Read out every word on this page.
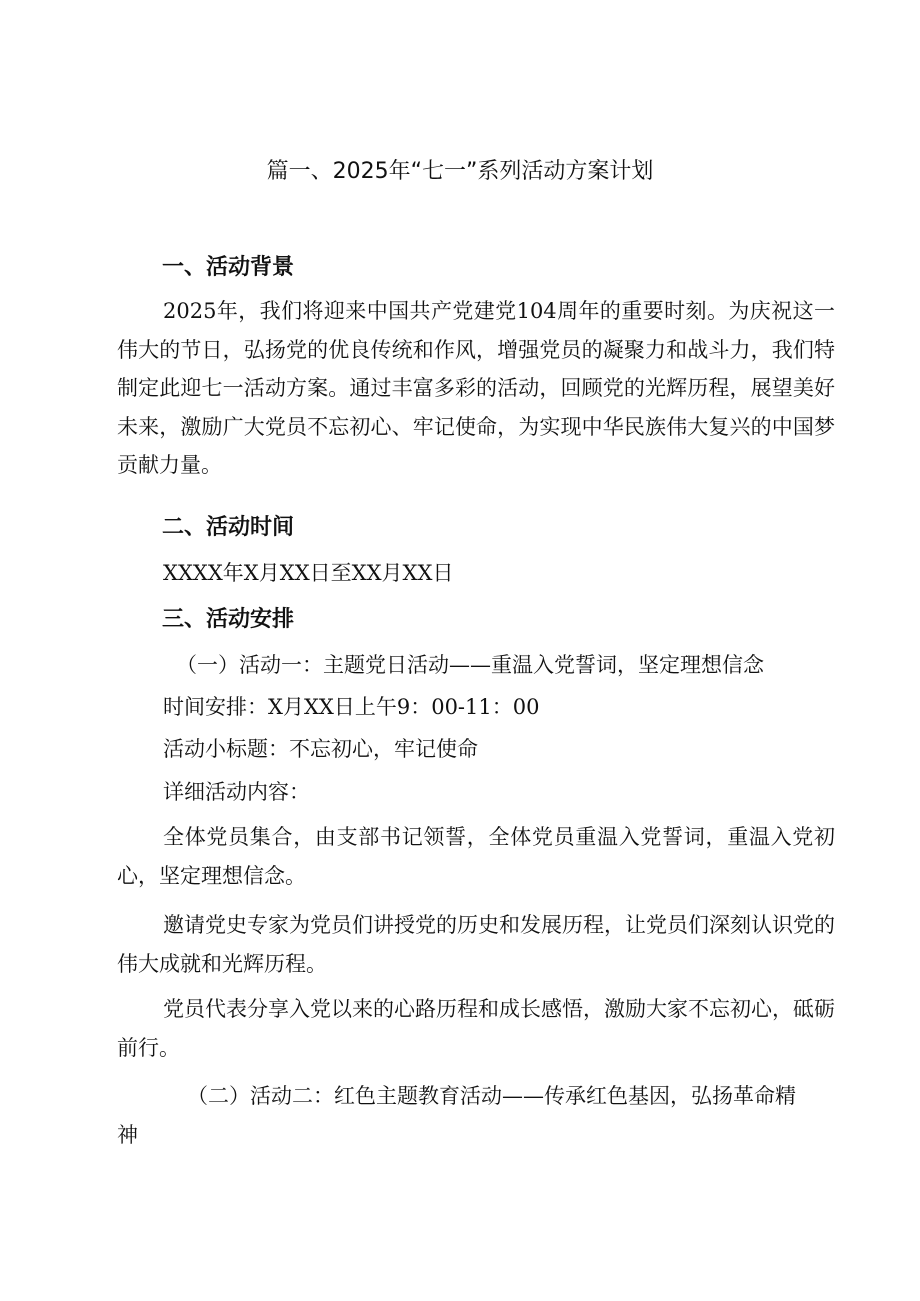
篇一、2025年“七一”系列活动方案计划
一、活动背景
2025年，我们将迎来中国共产党建党104周年的重要时刻。为庆祝这一伟大的节日，弘扬党的优良传统和作风，增强党员的凝聚力和战斗力，我们特制定此迎七一活动方案。通过丰富多彩的活动，回顾党的光辉历程，展望美好未来，激励广大党员不忘初心、牢记使命，为实现中华民族伟大复兴的中国梦贡献力量。
二、活动时间
XXXX年X月XX日至XX月XX日
三、活动安排
（一）活动一：主题党日活动——重温入党誓词，坚定理想信念
时间安排：X月XX日上午9：00-11：00
活动小标题：不忘初心，牢记使命
详细活动内容：
全体党员集合，由支部书记领誓，全体党员重温入党誓词，重温入党初心，坚定理想信念。
邀请党史专家为党员们讲授党的历史和发展历程，让党员们深刻认识党的伟大成就和光辉历程。
党员代表分享入党以来的心路历程和成长感悟，激励大家不忘初心，砥砺前行。
（二）活动二：红色主题教育活动——传承红色基因，弘扬革命精神
